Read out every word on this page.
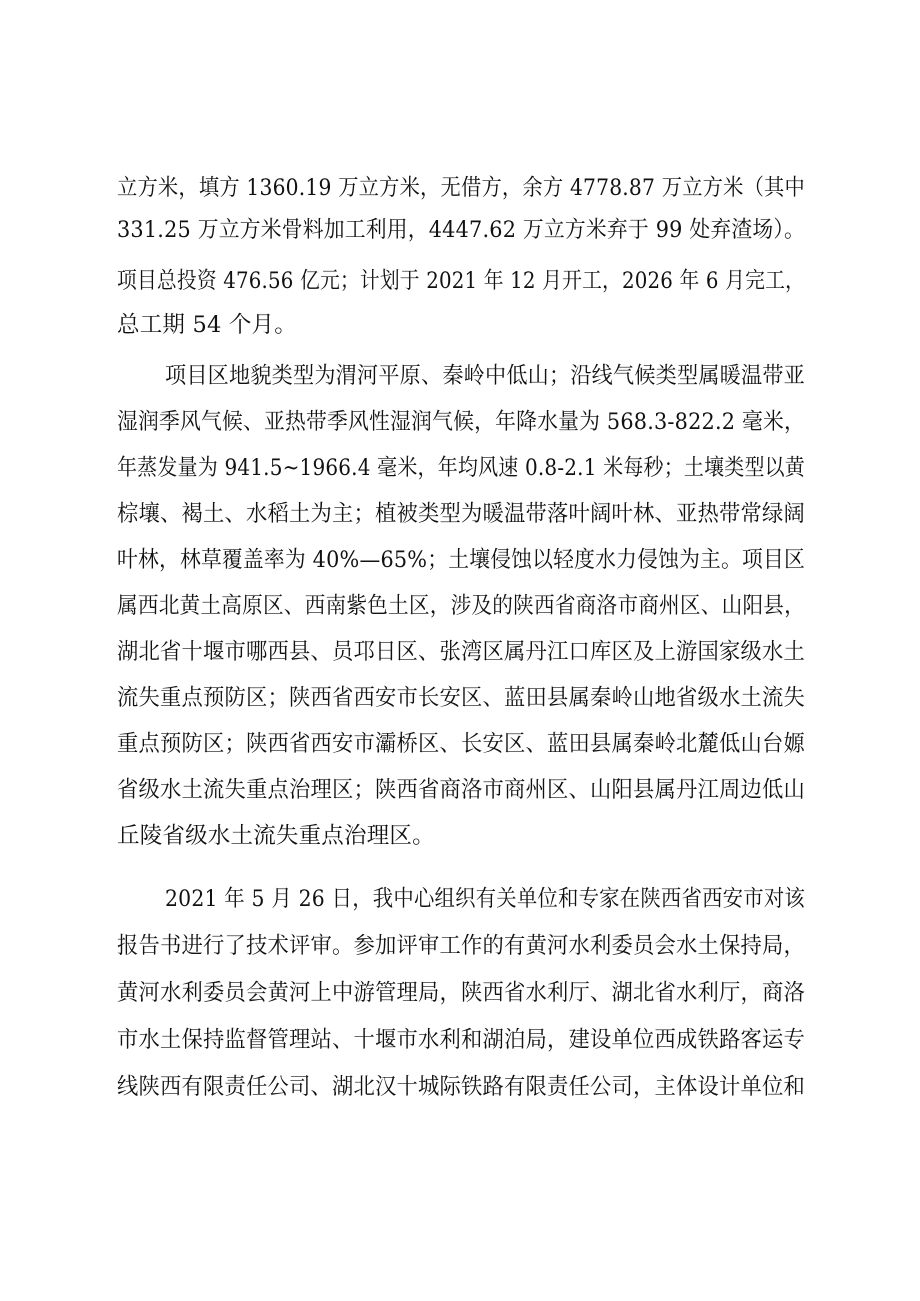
立方米，填方 1360.19 万立方米，无借方，余方 4778.87 万立方米（其中
331.25 万立方米骨料加工利用，4447.62 万立方米弃于 99 处弃渣场）。
项目总投资 476.56 亿元；计划于 2021 年 12 月开工，2026 年 6 月完工，
总工期 54 个月。
项目区地貌类型为渭河平原、秦岭中低山；沿线气候类型属暖温带亚
湿润季风气候、亚热带季风性湿润气候，年降水量为 568.3-822.2 毫米，
年蒸发量为 941.5~1966.4 毫米，年均风速 0.8-2.1 米每秒；土壤类型以黄
棕壤、褐土、水稻土为主；植被类型为暖温带落叶阔叶林、亚热带常绿阔
叶林，林草覆盖率为 40%—65%；土壤侵蚀以轻度水力侵蚀为主。项目区
属西北黄土高原区、西南紫色土区，涉及的陕西省商洛市商州区、山阳县，
湖北省十堰市哪西县、员邛日区、张湾区属丹江口库区及上游国家级水土
流失重点预防区；陕西省西安市长安区、蓝田县属秦岭山地省级水土流失
重点预防区；陕西省西安市灞桥区、长安区、蓝田县属秦岭北麓低山台嫄
省级水土流失重点治理区；陕西省商洛市商州区、山阳县属丹江周边低山
丘陵省级水土流失重点治理区。
2021 年 5 月 26 日，我中心组织有关单位和专家在陕西省西安市对该
报告书进行了技术评审。参加评审工作的有黄河水利委员会水土保持局，
黄河水利委员会黄河上中游管理局，陕西省水利厅、湖北省水利厅，商洛
市水土保持监督管理站、十堰市水利和湖泊局，建设单位西成铁路客运专
线陕西有限责任公司、湖北汉十城际铁路有限责任公司，主体设计单位和
